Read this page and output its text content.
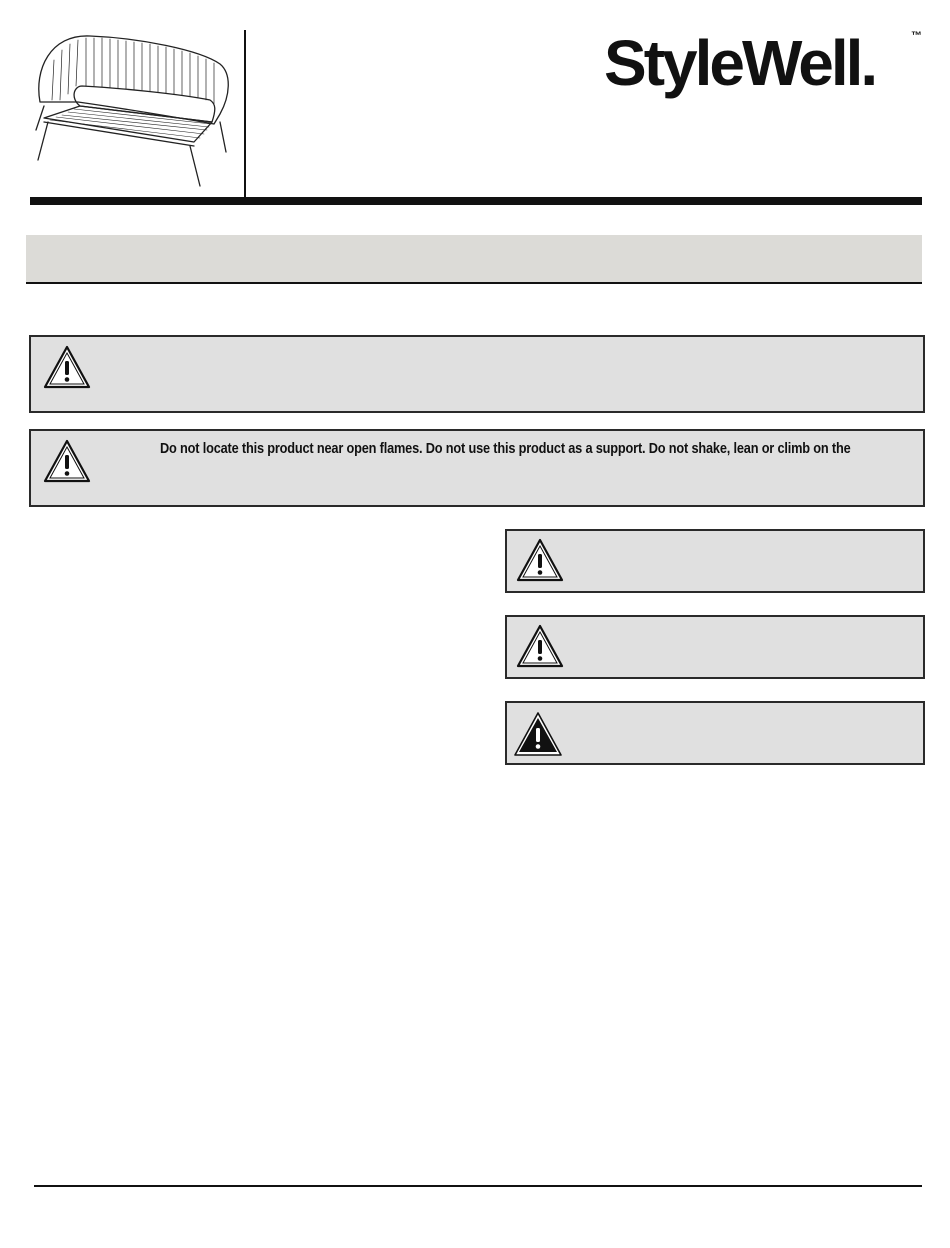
StyleWell.	™
Do not locate this product near open flames. Do not use this product as a support. Do not shake, lean or climb on the
